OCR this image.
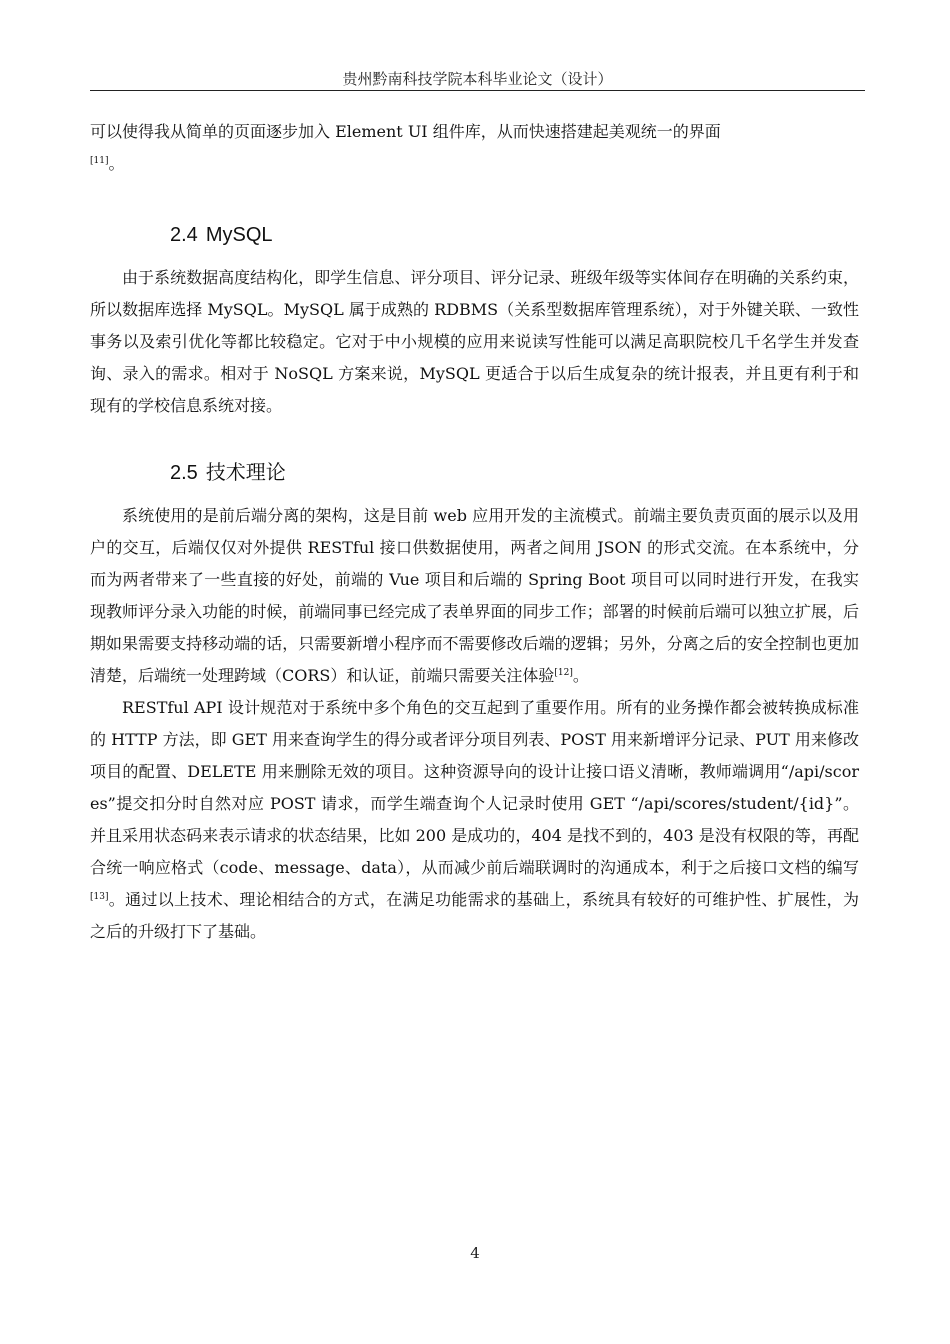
贵州黔南科技学院本科毕业论文（设计）

可以使得我从简单的页面逐步加入 Element UI 组件库，从而快速搭建起美观统一的界面
[11]。

2.4 MySQL

由于系统数据高度结构化，即学生信息、评分项目、评分记录、班级年级等实体间存在明确的关系约束，所以数据库选择 MySQL。MySQL 属于成熟的 RDBMS（关系型数据库管理系统），对于外键关联、一致性事务以及索引优化等都比较稳定。它对于中小规模的应用来说读写性能可以满足高职院校几千名学生并发查询、录入的需求。相对于 NoSQL 方案来说，MySQL 更适合于以后生成复杂的统计报表，并且更有利于和现有的学校信息系统对接。

2.5 技术理论

系统使用的是前后端分离的架构，这是目前 web 应用开发的主流模式。前端主要负责页面的展示以及用户的交互，后端仅仅对外提供 RESTful 接口供数据使用，两者之间用 JSON 的形式交流。在本系统中，分而为两者带来了一些直接的好处，前端的 Vue 项目和后端的 Spring Boot 项目可以同时进行开发，在我实现教师评分录入功能的时候，前端同事已经完成了表单界面的同步工作；部署的时候前后端可以独立扩展，后期如果需要支持移动端的话，只需要新增小程序而不需要修改后端的逻辑；另外，分离之后的安全控制也更加清楚，后端统一处理跨域（CORS）和认证，前端只需要关注体验[12]。

RESTful API 设计规范对于系统中多个角色的交互起到了重要作用。所有的业务操作都会被转换成标准的 HTTP 方法，即 GET 用来查询学生的得分或者评分项目列表、POST 用来新增评分记录、PUT 用来修改项目的配置、DELETE 用来删除无效的项目。这种资源导向的设计让接口语义清晰，教师端调用“/api/scores”提交扣分时自然对应 POST 请求，而学生端查询个人记录时使用 GET “/api/scores/student/{id}”。并且采用状态码来表示请求的状态结果，比如 200 是成功的，404 是找不到的，403 是没有权限的等，再配合统一响应格式（code、message、data），从而减少前后端联调时的沟通成本，利于之后接口文档的编写[13]。通过以上技术、理论相结合的方式，在满足功能需求的基础上，系统具有较好的可维护性、扩展性，为之后的升级打下了基础。

4
